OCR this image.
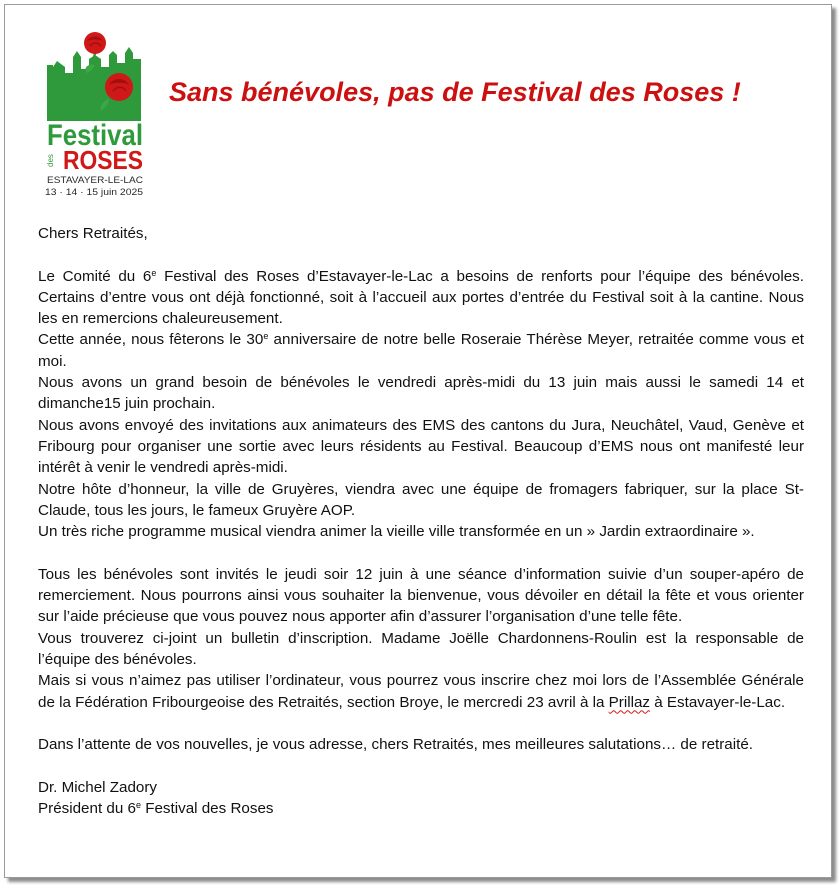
Festival
des ROSES
ESTAVAYER-LE-LAC
13 · 14 · 15 juin 2025
Sans bénévoles, pas de Festival des Roses !

Chers Retraités,

Le Comité du 6e Festival des Roses d’Estavayer-le-Lac a besoins de renforts pour l’équipe des bénévoles. Certains d’entre vous ont déjà fonctionné, soit à l’accueil aux portes d’entrée du Festival soit à la cantine. Nous les en remercions chaleureusement.

Cette année, nous fêterons le 30e anniversaire de notre belle Roseraie Thérèse Meyer, retraitée comme vous et moi.

Nous avons un grand besoin de bénévoles le vendredi après-midi du 13 juin mais aussi le samedi 14 et dimanche15 juin prochain.

Nous avons envoyé des invitations aux animateurs des EMS des cantons du Jura, Neuchâtel, Vaud, Genève et Fribourg pour organiser une sortie avec leurs résidents au Festival. Beaucoup d’EMS nous ont manifesté leur intérêt à venir le vendredi après-midi.

Notre hôte d’honneur, la ville de Gruyères, viendra avec une équipe de fromagers fabriquer, sur la place St-Claude, tous les jours, le fameux Gruyère AOP.

Un très riche programme musical viendra animer la vieille ville transformée en un » Jardin extraordinaire ».

Tous les bénévoles sont invités le jeudi soir 12 juin à une séance d’information suivie d’un souper-apéro de remerciement. Nous pourrons ainsi vous souhaiter la bienvenue, vous dévoiler en détail la fête et vous orienter sur l’aide précieuse que vous pouvez nous apporter afin d’assurer l’organisation d’une telle fête.

Vous trouverez ci-joint un bulletin d’inscription. Madame Joëlle Chardonnens-Roulin est la responsable de l’équipe des bénévoles.

Mais si vous n’aimez pas utiliser l’ordinateur, vous pourrez vous inscrire chez moi lors de l’Assemblée Générale de la Fédération Fribourgeoise des Retraités, section Broye, le mercredi 23 avril à la Prillaz à Estavayer-le-Lac.

Dans l’attente de vos nouvelles, je vous adresse, chers Retraités, mes meilleures salutations… de retraité.

Dr. Michel Zadory

Président du 6e Festival des Roses
